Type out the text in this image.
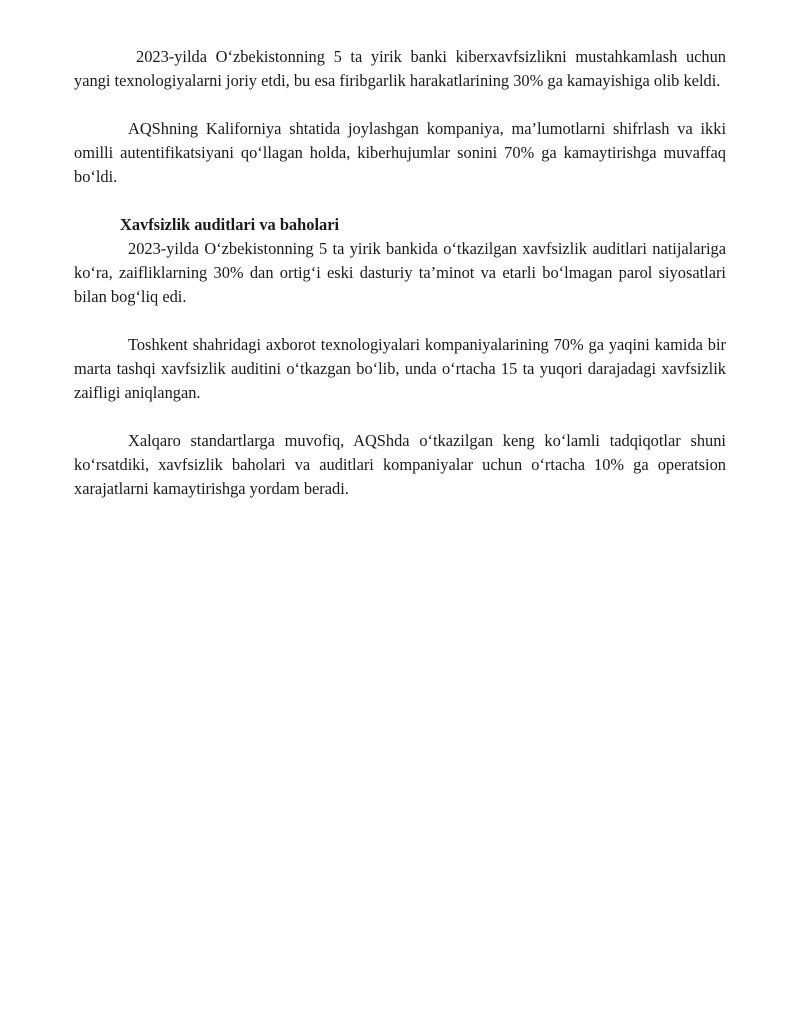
2023-yilda O‘zbekistonning 5 ta yirik banki kiberxavfsizlikni mustahkamlash uchun yangi texnologiyalarni joriy etdi, bu esa firibgarlik harakatlarining 30% ga kamayishiga olib keldi.

AQShning Kaliforniya shtatida joylashgan kompaniya, ma’lumotlarni shifrlash va ikki omilli autentifikatsiyani qo‘llagan holda, kiberhujumlar sonini 70% ga kamaytirishga muvaffaq bo‘ldi.

Xavfsizlik auditlari va baholari

2023-yilda O‘zbekistonning 5 ta yirik bankida o‘tkazilgan xavfsizlik auditlari natijalariga ko‘ra, zaifliklarning 30% dan ortig‘i eski dasturiy ta’minot va etarli bo‘lmagan parol siyosatlari bilan bog‘liq edi.

Toshkent shahridagi axborot texnologiyalari kompaniyalarining 70% ga yaqini kamida bir marta tashqi xavfsizlik auditini o‘tkazgan bo‘lib, unda o‘rtacha 15 ta yuqori darajadagi xavfsizlik zaifligi aniqlangan.

Xalqaro standartlarga muvofiq, AQShda o‘tkazilgan keng ko‘lamli tadqiqotlar shuni ko‘rsatdiki, xavfsizlik baholari va auditlari kompaniyalar uchun o‘rtacha 10% ga operatsion xarajatlarni kamaytirishga yordam beradi.
